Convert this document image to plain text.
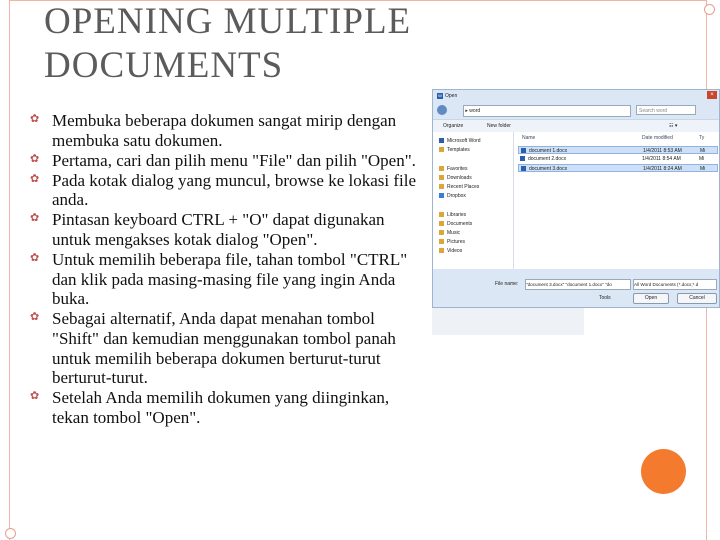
OPENING MULTIPLE DOCUMENTS
✿ Membuka beberapa dokumen sangat mirip dengan membuka satu dokumen.
✿ Pertama, cari dan pilih menu "File" dan pilih "Open".
✿ Pada kotak dialog yang muncul, browse ke lokasi file anda.
✿ Pintasan keyboard CTRL + "O" dapat digunakan untuk mengakses kotak dialog "Open".
✿ Untuk memilih beberapa file, tahan tombol "CTRL" dan klik pada masing-masing file yang ingin Anda buka.
✿ Sebagai alternatif, Anda dapat menahan tombol "Shift" dan kemudian menggunakan tombol panah untuk memilih beberapa dokumen berturut-turut berturut-turut.
✿ Setelah Anda memilih dokumen yang diinginkan, tekan tombol "Open".
W Open	×
▸ word	Search word
Organize	New folder	☷ ▾
Microsoft Word
Templates
Favorites
Downloads
Recent Places
Dropbox
Libraries
Documents
Music
Pictures
Videos
Name	Date modified	Ty
document 1.docx	1/4/2011 8:53 AM	Mi
document 2.docx	1/4/2011 8:54 AM	Mi
document 3.docx	1/4/2011 8:24 AM	Mi
File name: "document 3.docx" "document 1.docx" "do	All Word Documents (*.docx;*.d
Tools	Open	Cancel
